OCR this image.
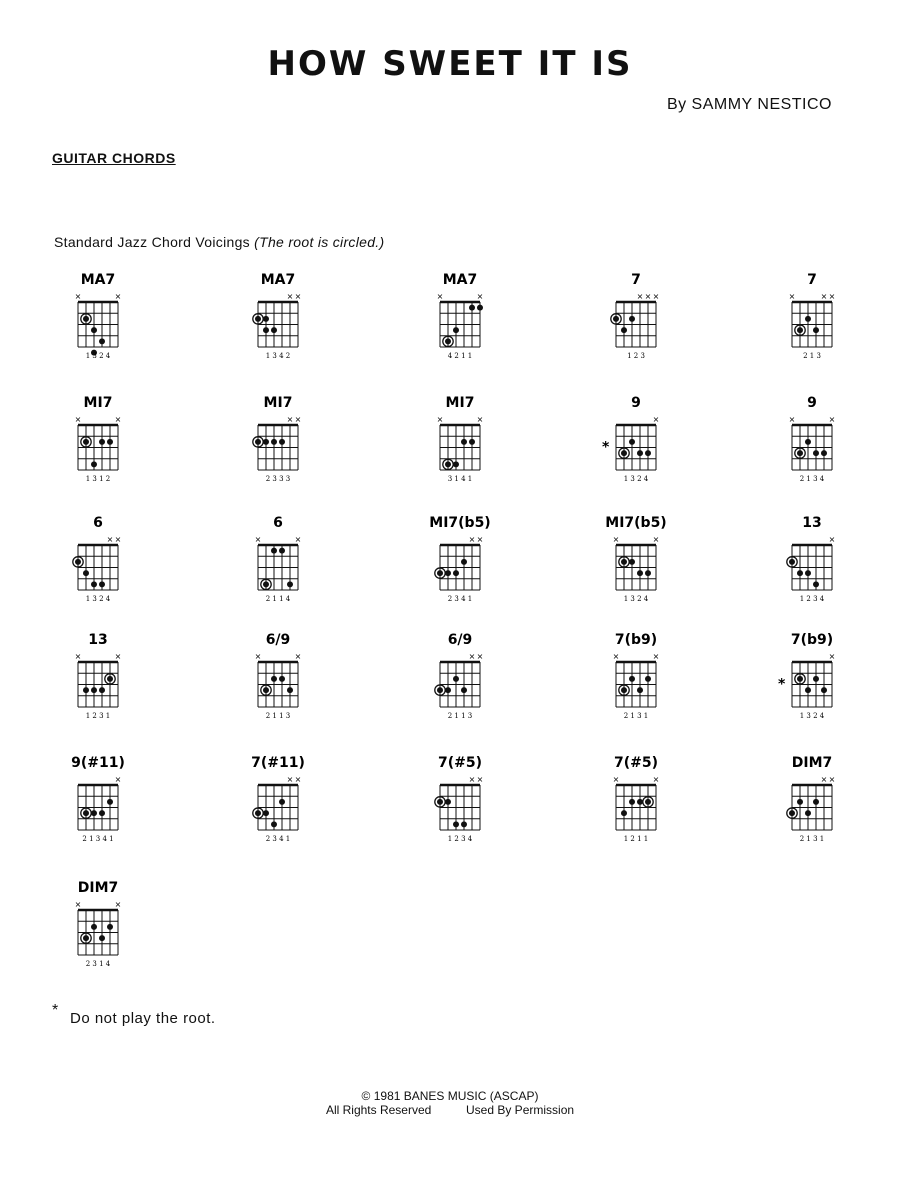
HOW SWEET IT IS
By SAMMY NESTICO
GUITAR CHORDS
Standard Jazz Chord Voicings (The root is circled.)
MA7
×	×
1 3 2 4
MA7
× ×
1 3 4 2
MA7
×	×
4 2 1 1
7
× × ×
1 2 3
7
×	× ×
2 1 3
MI7
×	×
1 3 1 2
MI7
× ×
2 3 3 3
MI7
×	×
3 1 4 1
9
×
*
1 3 2 4
9
×	×
2 1 3 4
6
× ×
1 3 2 4
6
×	×
2 1 1 4
MI7(b5)
× ×
2 3 4 1
MI7(b5)
×	×
1 3 2 4
13
×
1 2 3 4
13
×	×
1 2 3 1
6/9
×	×
2 1 1 3
6/9
× ×
2 1 1 3
7(b9)
×	×
2 1 3 1
7(b9)
×
*
1 3 2 4
9(#11)
×
2 1 3 4 1
7(#11)
× ×
2 3 4 1
7(#5)
× ×
1 2 3 4
7(#5)
×	×
1 2 1 1
DIM7
× ×
2 1 3 1
DIM7
×	×
2 3 1 4
* Do not play the root.
© 1981 BANES MUSIC (ASCAP)
All Rights Reserved	Used By Permission
